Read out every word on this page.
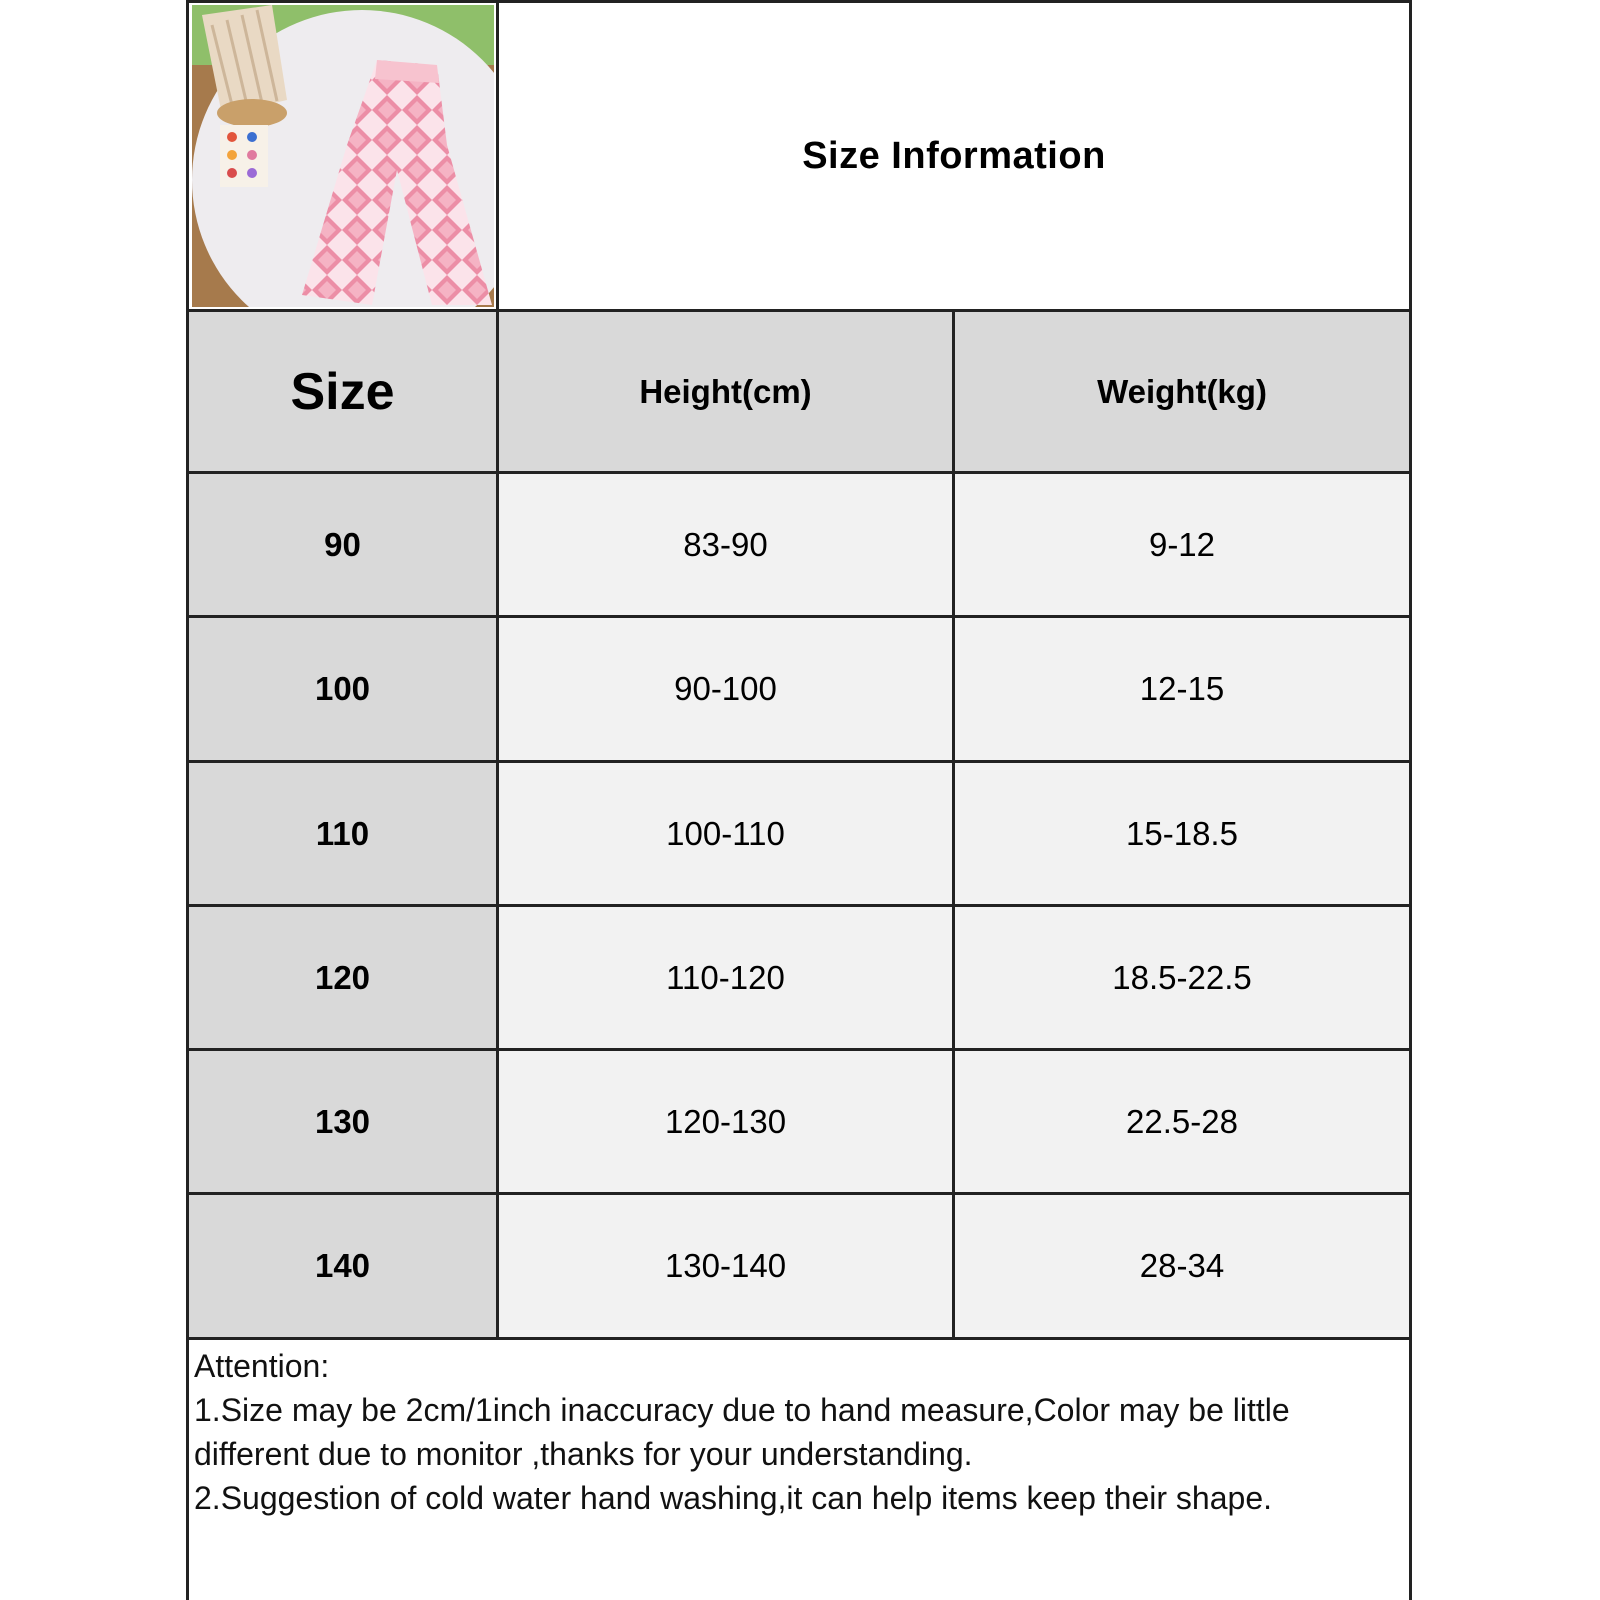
Size Information
Size	Height(cm)	Weight(kg)
90	83-90	9-12
100	90-100	12-15
110	100-110	15-18.5
120	110-120	18.5-22.5
130	120-130	22.5-28
140	130-140	28-34
Attention:
1.Size may be 2cm/1inch inaccuracy due to hand measure,Color may be little
different due to monitor ,thanks for your understanding.
2.Suggestion of cold water hand washing,it can help items keep their shape.
